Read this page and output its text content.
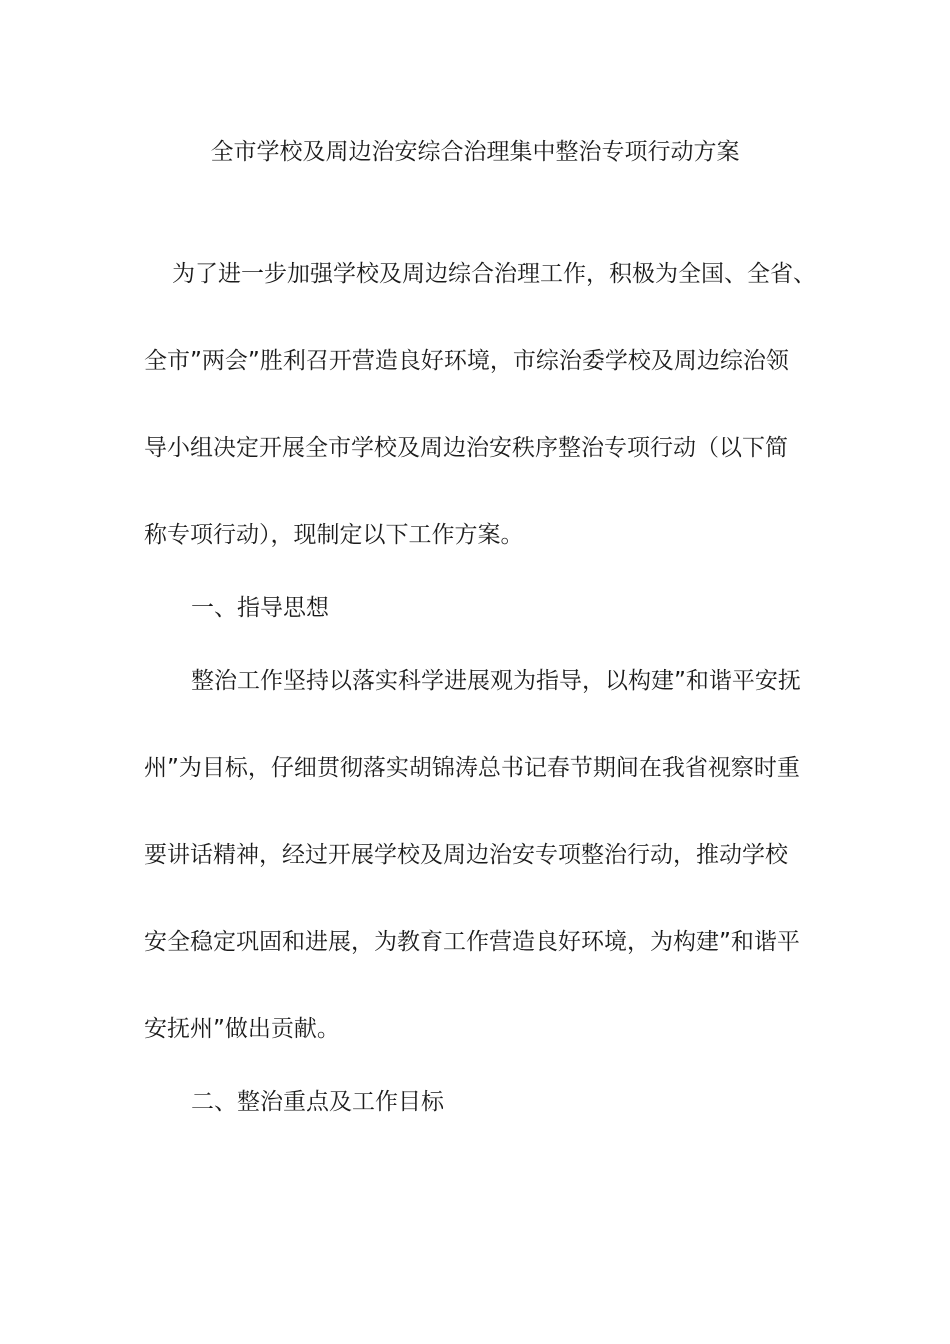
全市学校及周边治安综合治理集中整治专项行动方案
为了进一步加强学校及周边综合治理工作，积极为全国、全省、
全市”两会”胜利召开营造良好环境，市综治委学校及周边综治领
导小组决定开展全市学校及周边治安秩序整治专项行动（以下简
称专项行动），现制定以下工作方案。
一、指导思想
整治工作坚持以落实科学进展观为指导，以构建”和谐平安抚
州”为目标，仔细贯彻落实胡锦涛总书记春节期间在我省视察时重
要讲话精神，经过开展学校及周边治安专项整治行动，推动学校
安全稳定巩固和进展，为教育工作营造良好环境，为构建”和谐平
安抚州”做出贡献。
二、整治重点及工作目标
